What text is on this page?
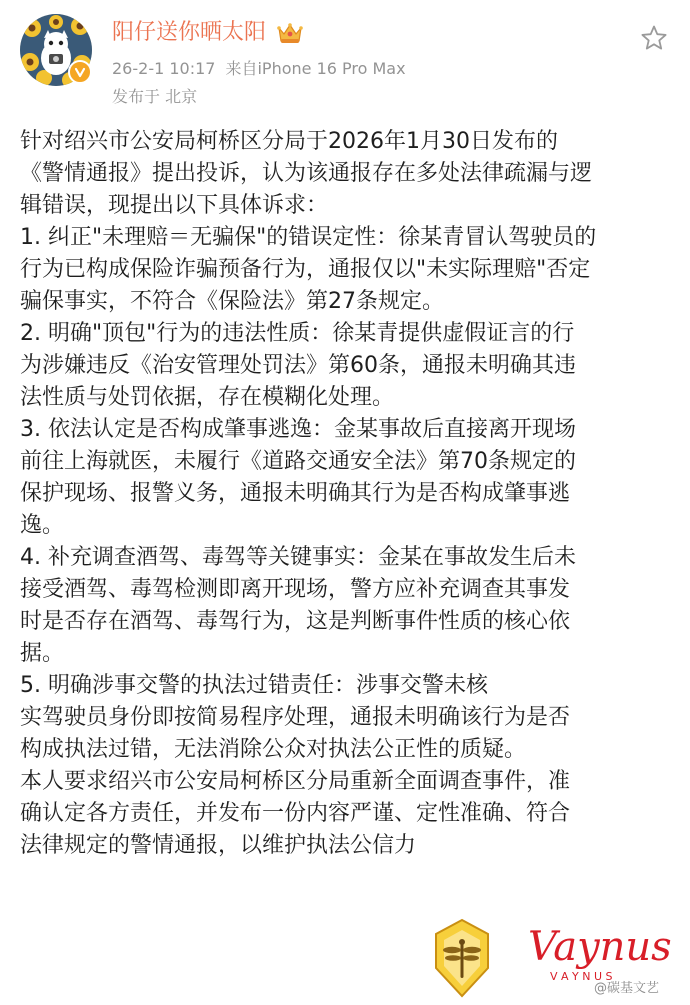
阳仔送你晒太阳
26-2-1 10:17 来自iPhone 16 Pro Max
发布于 北京
针对绍兴市公安局柯桥区分局于2026年1月30日发布的
《警情通报》提出投诉，认为该通报存在多处法律疏漏与逻
辑错误，现提出以下具体诉求：
1. 纠正"未理赔＝无骗保"的错误定性：徐某青冒认驾驶员的
行为已构成保险诈骗预备行为，通报仅以"未实际理赔"否定
骗保事实，不符合《保险法》第27条规定。
2. 明确"顶包"行为的违法性质：徐某青提供虚假证言的行
为涉嫌违反《治安管理处罚法》第60条，通报未明确其违
法性质与处罚依据，存在模糊化处理。
3. 依法认定是否构成肇事逃逸：金某事故后直接离开现场
前往上海就医，未履行《道路交通安全法》第70条规定的
保护现场、报警义务，通报未明确其行为是否构成肇事逃
逸。
4. 补充调查酒驾、毒驾等关键事实：金某在事故发生后未
接受酒驾、毒驾检测即离开现场，警方应补充调查其事发
时是否存在酒驾、毒驾行为，这是判断事件性质的核心依
据。
5. 明确涉事交警的执法过错责任：涉事交警未核
实驾驶员身份即按简易程序处理，通报未明确该行为是否
构成执法过错，无法消除公众对执法公正性的质疑。
本人要求绍兴市公安局柯桥区分局重新全面调查事件，准
确认定各方责任，并发布一份内容严谨、定性准确、符合
法律规定的警情通报，以维护执法公信力
Vaynus
V A Y N U S
@碳基文艺
